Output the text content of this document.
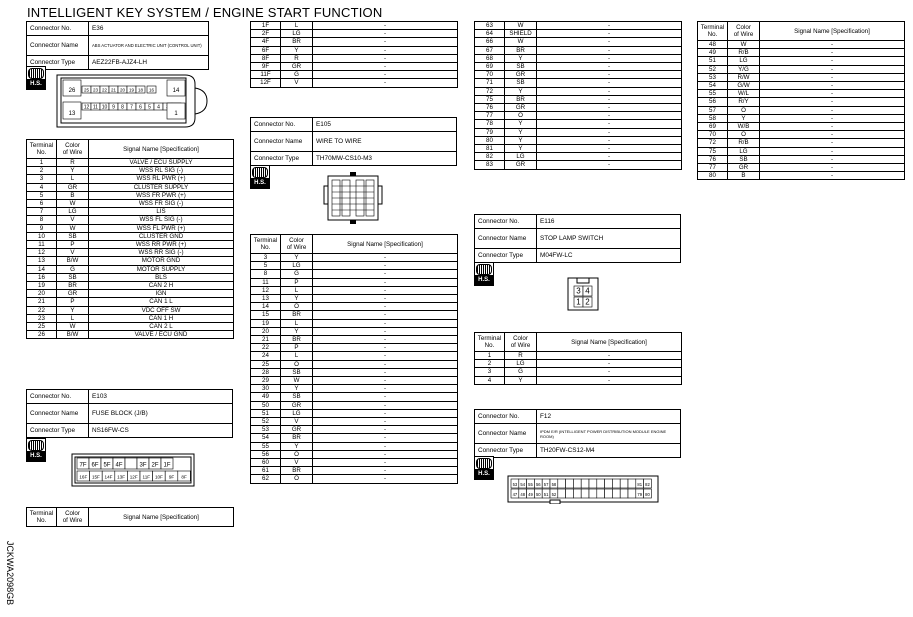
INTELLIGENT KEY SYSTEM / ENGINE START FUNCTION
JCKWA2098GB
Connector No.	E36
Connector Name	ABS ACTUATOR AND ELECTRIC UNIT (CONTROL UNIT)
Connector Type	AEZ22FB-AJZ4-LH
H.S.
26 25 23 22 21 20 19 18 16	14
13
12 11 10 9 8 7 6 5 4
1
Terminal
No.	Color
of Wire	Signal Name [Specification]
1	R	VALVE / ECU SUPPLY
2	Y	WSS RL SIG (-)
3	L	WSS RL PWR (+)
4	GR	CLUSTER SUPPLY
5	B	WSS FR PWR (+)
6	W	WSS FR SIG (-)
7	LG	LIS
8	V	WSS FL SIG (-)
9	W	WSS FL PWR (+)
10	SB	CLUSTER GND
11	P	WSS RR PWR (+)
12	V	WSS RR SIG (-)
13	B/W	MOTOR GND
14	G	MOTOR SUPPLY
16	SB	BLS
19	BR	CAN 2 H
20	GR	IGN
21	P	CAN 1 L
22	Y	VDC OFF SW
23	L	CAN 1 H
25	W	CAN 2 L
26	B/W	VALVE / ECU GND
Connector No.	E103
Connector Name	FUSE BLOCK (J/B)
Connector Type	NS16FW-CS
H.S.
7F 6F 5F 4F	3F 2F 1F
16F 15F 14F 13F 12F 11F 10F 9F 8F
Terminal
No.	Color
of Wire	Signal Name [Specification]
1F	L	-
2F	LG	-
4F	BR	-
6F	Y	-
8F	R	-
9F	GR	-
11F	G	-
12F	V	-
Connector No.	E105
Connector Name	WIRE TO WIRE
Connector Type	TH70MW-CS10-M3
H.S.
Terminal
No.	Color
of Wire	Signal Name [Specification]
3	Y	-
5	LG	-
8	G	-
11	P	-
12	L	-
13	Y	-
14	O	-
15	BR	-
19	L	-
20	Y	-
21	BR	-
22	P	-
24	L	-
25	O	-
28	SB	-
29	W	-
30	Y	-
49	SB	-
50	GR	-
51	LG	-
52	V	-
53	GR	-
54	BR	-
55	Y	-
56	O	-
60	V	-
61	BR	-
62	O	-
63	W	-
64	SHIELD	-
66	W	-
67	BR	-
68	Y	-
69	SB	-
70	GR	-
71	SB	-
72	Y	-
75	BR	-
76	GR	-
77	O	-
78	Y	-
79	Y	-
80	Y	-
81	Y	-
82	LG	-
83	GR	-
Connector No.	E116
Connector Name	STOP LAMP SWITCH
Connector Type	M04FW-LC
H.S.
3 4
1 2
Terminal
No.	Color
of Wire	Signal Name [Specification]
1	R	-
2	LG	-
3	G	-
4	Y	-
Connector No.	F12
Connector Name	IPDM E/R (INTELLIGENT POWER DISTRIBUTION MODULE ENGINE ROOM)
Connector Type	TH20FW-CS12-M4
H.S.
53 54 55 56 57 58	81 82
47 48 49 50 51 52	79 80
Terminal
No.	Color
of Wire	Signal Name [Specification]
48	W	-
49	R/B	-
51	LG	-
52	Y/G	-
53	R/W	-
54	G/W	-
55	W/L	-
56	R/Y	-
57	O	-
58	Y	-
69	W/B	-
70	O	-
72	R/B	-
75	LG	-
76	SB	-
77	GR	-
80	B	-
